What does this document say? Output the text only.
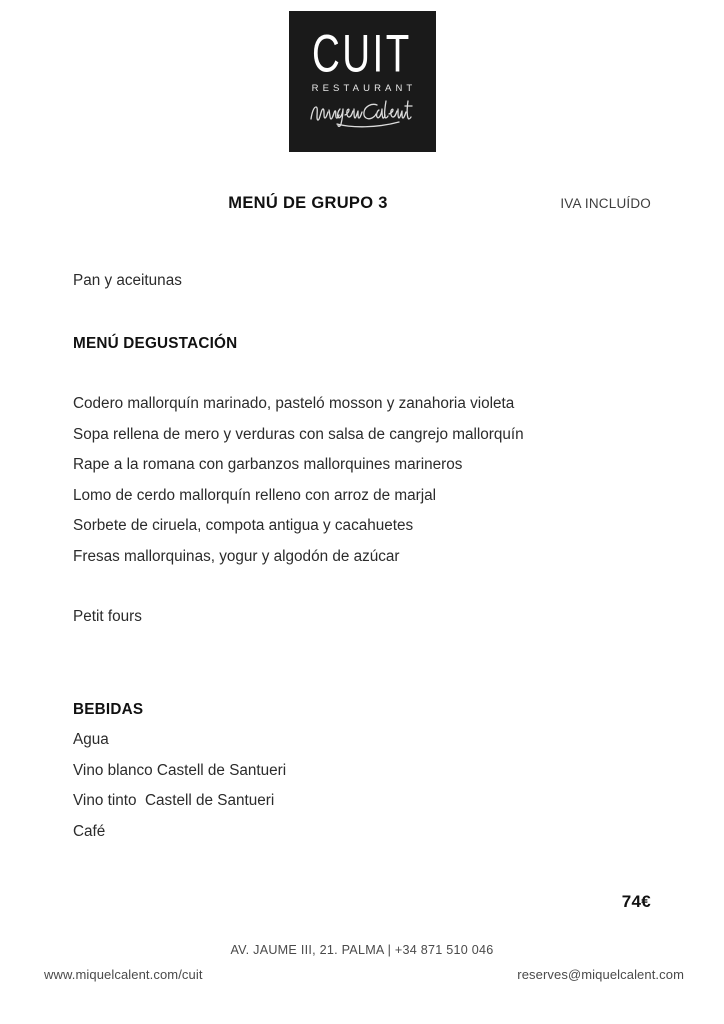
CUIT
RESTAURANT
MENÚ DE GRUPO 3	IVA INCLUÍDO
Pan y aceitunas
MENÚ DEGUSTACIÓN
Codero mallorquín marinado, pasteló mosson y zanahoria violeta
Sopa rellena de mero y verduras con salsa de cangrejo mallorquín
Rape a la romana con garbanzos mallorquines marineros
Lomo de cerdo mallorquín relleno con arroz de marjal
Sorbete de ciruela, compota antigua y cacahuetes
Fresas mallorquinas, yogur y algodón de azúcar
Petit fours
BEBIDAS
Agua
Vino blanco Castell de Santueri
Vino tinto  Castell de Santueri
Café
74€
AV. JAUME III, 21. PALMA | +34 871 510 046
www.miquelcalent.com/cuit	reserves@miquelcalent.com
